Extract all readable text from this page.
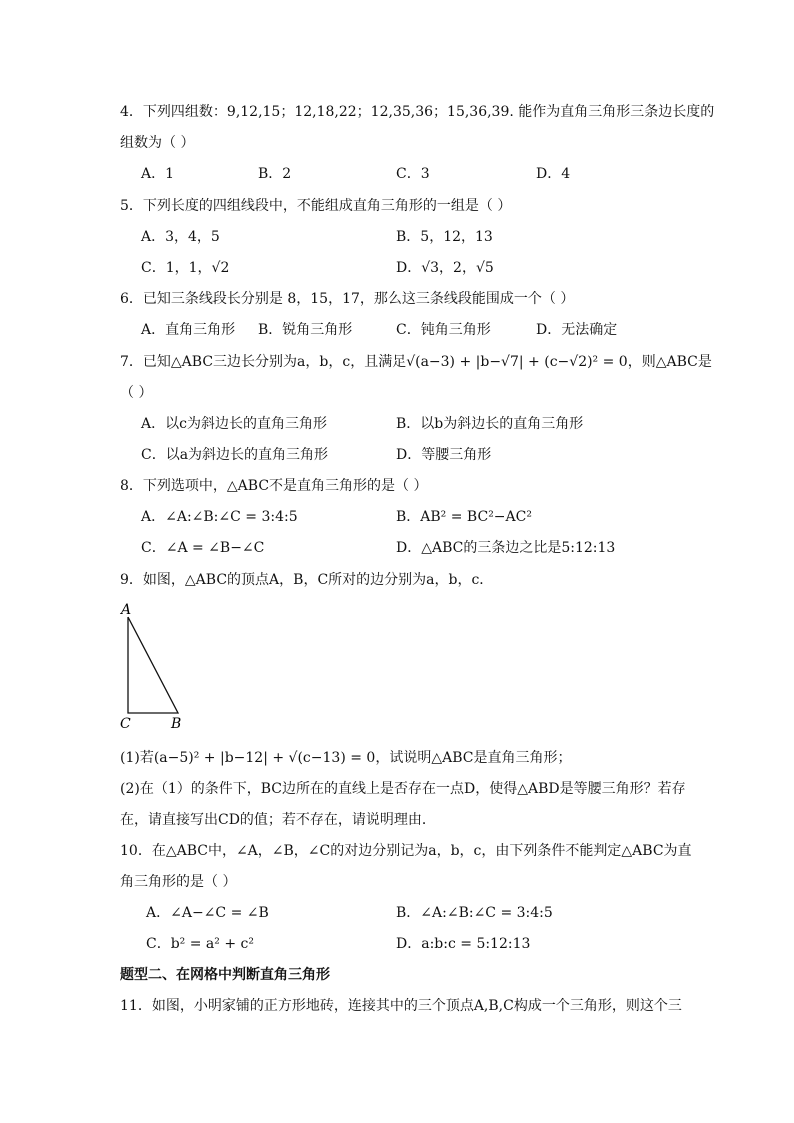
4．下列四组数：9,12,15；12,18,22；12,35,36；15,36,39. 能作为直角三角形三条边长度的
组数为（ ）
A．1	B．2	C．3	D．4
5．下列长度的四组线段中，不能组成直角三角形的一组是（ ）
A．3，4，5	B．5，12，13
C．1，1，√2	D．√3，2，√5
6．已知三条线段长分别是 8，15，17，那么这三条线段能围成一个（ ）
A．直角三角形 B．锐角三角形	C．钝角三角形	D．无法确定
7．已知△ABC三边长分别为a，b，c，且满足√(a−3) + |b−√7| + (c−√2)² = 0，则△ABC是
（ ）
A．以c为斜边长的直角三角形	B．以b为斜边长的直角三角形
C．以a为斜边长的直角三角形	D．等腰三角形
8．下列选项中，△ABC不是直角三角形的是（ ）
A．∠A:∠B:∠C = 3:4:5	B．AB² = BC²−AC²
C．∠A = ∠B−∠C	D．△ABC的三条边之比是5:12:13
9．如图，△ABC的顶点A，B，C所对的边分别为a，b，c．
A
C	B
(1)若(a−5)² + |b−12| + √(c−13) = 0，试说明△ABC是直角三角形；
(2)在（1）的条件下，BC边所在的直线上是否存在一点D，使得△ABD是等腰三角形？若存
在，请直接写出CD的值；若不存在，请说明理由．
10．在△ABC中，∠A，∠B，∠C的对边分别记为a，b，c，由下列条件不能判定△ABC为直
角三角形的是（ ）
A．∠A−∠C = ∠B	B．∠A:∠B:∠C = 3:4:5
C．b² = a² + c²	D．a:b:c = 5:12:13
题型二、在网格中判断直角三角形
11．如图，小明家铺的正方形地砖，连接其中的三个顶点A,B,C构成一个三角形，则这个三
